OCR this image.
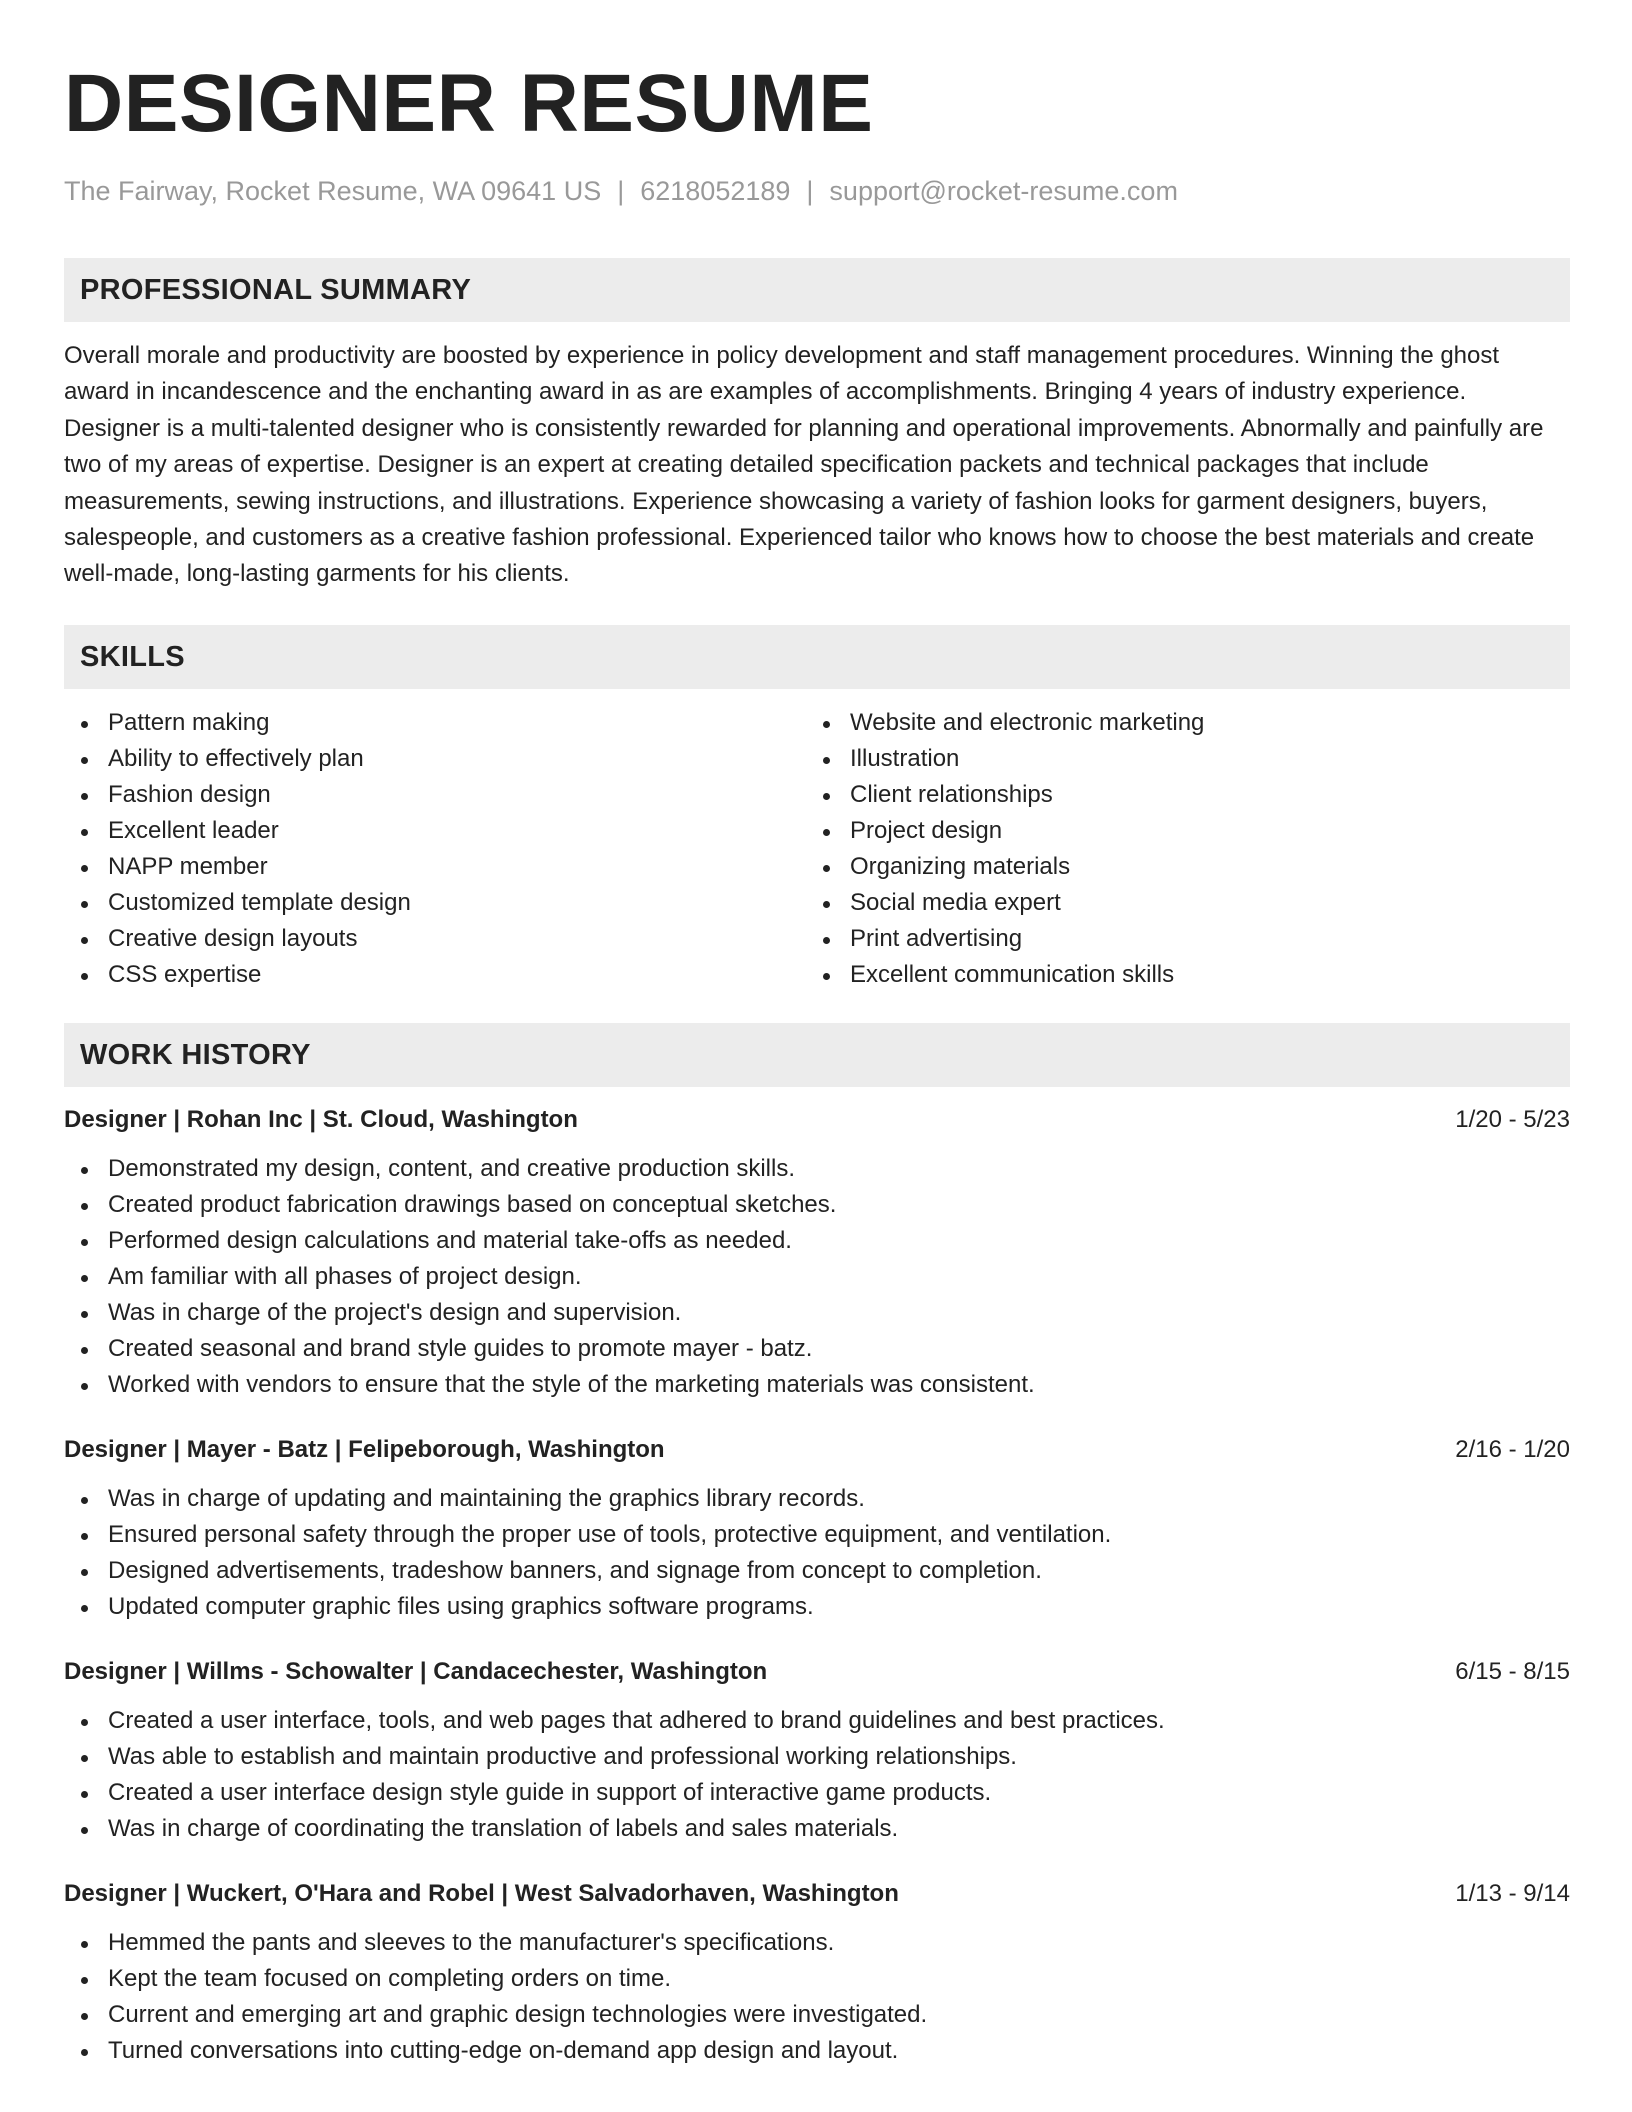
DESIGNER RESUME
The Fairway, Rocket Resume, WA 09641 US | 6218052189 | support@rocket-resume.com
PROFESSIONAL SUMMARY
Overall morale and productivity are boosted by experience in policy development and staff management procedures. Winning the ghost award in incandescence and the enchanting award in as are examples of accomplishments. Bringing 4 years of industry experience. Designer is a multi-talented designer who is consistently rewarded for planning and operational improvements. Abnormally and painfully are two of my areas of expertise. Designer is an expert at creating detailed specification packets and technical packages that include measurements, sewing instructions, and illustrations. Experience showcasing a variety of fashion looks for garment designers, buyers, salespeople, and customers as a creative fashion professional. Experienced tailor who knows how to choose the best materials and create well-made, long-lasting garments for his clients.
SKILLS
Pattern making
Ability to effectively plan
Fashion design
Excellent leader
NAPP member
Customized template design
Creative design layouts
CSS expertise
Website and electronic marketing
Illustration
Client relationships
Project design
Organizing materials
Social media expert
Print advertising
Excellent communication skills
WORK HISTORY
Designer | Rohan Inc | St. Cloud, Washington	1/20 - 5/23
Demonstrated my design, content, and creative production skills.
Created product fabrication drawings based on conceptual sketches.
Performed design calculations and material take-offs as needed.
Am familiar with all phases of project design.
Was in charge of the project's design and supervision.
Created seasonal and brand style guides to promote mayer - batz.
Worked with vendors to ensure that the style of the marketing materials was consistent.
Designer | Mayer - Batz | Felipeborough, Washington	2/16 - 1/20
Was in charge of updating and maintaining the graphics library records.
Ensured personal safety through the proper use of tools, protective equipment, and ventilation.
Designed advertisements, tradeshow banners, and signage from concept to completion.
Updated computer graphic files using graphics software programs.
Designer | Willms - Schowalter | Candacechester, Washington	6/15 - 8/15
Created a user interface, tools, and web pages that adhered to brand guidelines and best practices.
Was able to establish and maintain productive and professional working relationships.
Created a user interface design style guide in support of interactive game products.
Was in charge of coordinating the translation of labels and sales materials.
Designer | Wuckert, O'Hara and Robel | West Salvadorhaven, Washington	1/13 - 9/14
Hemmed the pants and sleeves to the manufacturer's specifications.
Kept the team focused on completing orders on time.
Current and emerging art and graphic design technologies were investigated.
Turned conversations into cutting-edge on-demand app design and layout.
